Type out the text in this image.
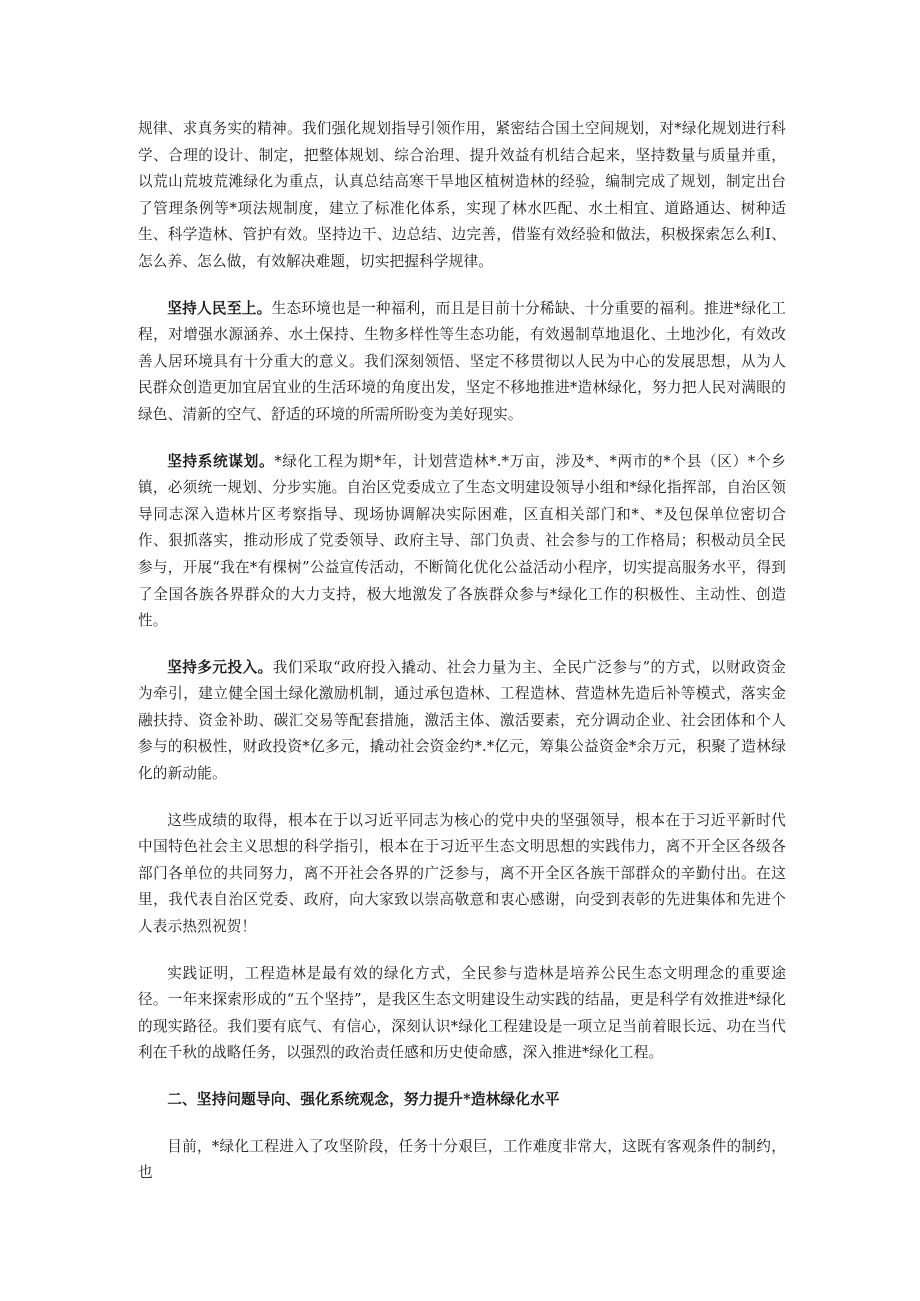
规律、求真务实的精神。我们强化规划指导引领作用，紧密结合国土空间规划，对*绿化规划进行科学、合理的设计、制定，把整体规划、综合治理、提升效益有机结合起来，坚持数量与质量并重，以荒山荒坡荒滩绿化为重点，认真总结高寒干旱地区植树造林的经验，编制完成了规划，制定出台了管理条例等*项法规制度，建立了标准化体系，实现了林水匹配、水土相宜、道路通达、树种适生、科学造林、管护有效。坚持边干、边总结、边完善，借鉴有效经验和做法，积极探索怎么利I、怎么养、怎么做，有效解决难题，切实把握科学规律。

坚持人民至上。生态环境也是一种福利，而且是目前十分稀缺、十分重要的福利。推进*绿化工程，对增强水源涵养、水土保持、生物多样性等生态功能，有效遏制草地退化、土地沙化，有效改善人居环境具有十分重大的意义。我们深刻领悟、坚定不移贯彻以人民为中心的发展思想，从为人民群众创造更加宜居宜业的生活环境的角度出发，坚定不移地推进*造林绿化，努力把人民对满眼的绿色、清新的空气、舒适的环境的所需所盼变为美好现实。

坚持系统谋划。*绿化工程为期*年，计划营造林*.*万亩，涉及*、*两市的*个县（区）*个乡镇，必须统一规划、分步实施。自治区党委成立了生态文明建设领导小组和*绿化指挥部，自治区领导同志深入造林片区考察指导、现场协调解决实际困难，区直相关部门和*、*及包保单位密切合作、狠抓落实，推动形成了党委领导、政府主导、部门负责、社会参与的工作格局；积极动员全民参与，开展“我在*有棵树”公益宣传活动，不断简化优化公益活动小程序，切实提高服务水平，得到了全国各族各界群众的大力支持，极大地激发了各族群众参与*绿化工作的积极性、主动性、创造性。

坚持多元投入。我们采取“政府投入撬动、社会力量为主、全民广泛参与”的方式，以财政资金为牵引，建立健全国土绿化激励机制，通过承包造林、工程造林、营造林先造后补等模式，落实金融扶持、资金补助、碳汇交易等配套措施，激活主体、激活要素，充分调动企业、社会团体和个人参与的积极性，财政投资*亿多元，撬动社会资金约*.*亿元，筹集公益资金*余万元，积聚了造林绿化的新动能。

这些成绩的取得，根本在于以习近平同志为核心的党中央的坚强领导，根本在于习近平新时代中国特色社会主义思想的科学指引，根本在于习近平生态文明思想的实践伟力，离不开全区各级各部门各单位的共同努力，离不开社会各界的广泛参与，离不开全区各族干部群众的辛勤付出。在这里，我代表自治区党委、政府，向大家致以崇高敬意和衷心感谢，向受到表彰的先进集体和先进个人表示热烈祝贺！

实践证明，工程造林是最有效的绿化方式，全民参与造林是培养公民生态文明理念的重要途径。一年来探索形成的“五个坚持”，是我区生态文明建设生动实践的结晶，更是科学有效推进*绿化的现实路径。我们要有底气、有信心，深刻认识*绿化工程建设是一项立足当前着眼长远、功在当代利在千秋的战略任务，以强烈的政治责任感和历史使命感，深入推进*绿化工程。

二、坚持问题导向、强化系统观念，努力提升*造林绿化水平

目前，*绿化工程进入了攻坚阶段，任务十分艰巨，工作难度非常大，这既有客观条件的制约，也
